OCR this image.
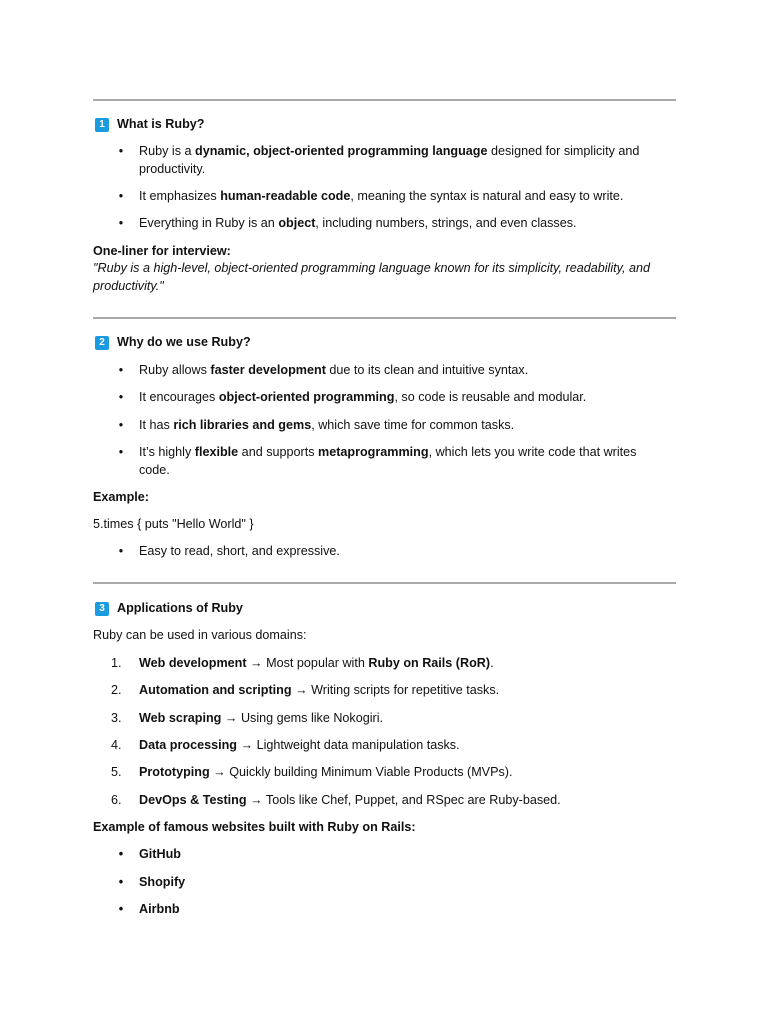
1 What is Ruby?
•	Ruby is a dynamic, object-oriented programming language designed for simplicity and productivity.
•	It emphasizes human-readable code, meaning the syntax is natural and easy to write.
•	Everything in Ruby is an object, including numbers, strings, and even classes.
One-liner for interview:
"Ruby is a high-level, object-oriented programming language known for its simplicity, readability, and productivity."
2 Why do we use Ruby?
•	Ruby allows faster development due to its clean and intuitive syntax.
•	It encourages object-oriented programming, so code is reusable and modular.
•	It has rich libraries and gems, which save time for common tasks.
•	It’s highly flexible and supports metaprogramming, which lets you write code that writes code.
Example:
5.times { puts "Hello World" }
•	Easy to read, short, and expressive.
3 Applications of Ruby
Ruby can be used in various domains:
1.	Web development → Most popular with Ruby on Rails (RoR).
2.	Automation and scripting → Writing scripts for repetitive tasks.
3.	Web scraping → Using gems like Nokogiri.
4.	Data processing → Lightweight data manipulation tasks.
5.	Prototyping → Quickly building Minimum Viable Products (MVPs).
6.	DevOps & Testing → Tools like Chef, Puppet, and RSpec are Ruby-based.
Example of famous websites built with Ruby on Rails:
•	GitHub
•	Shopify
•	Airbnb
